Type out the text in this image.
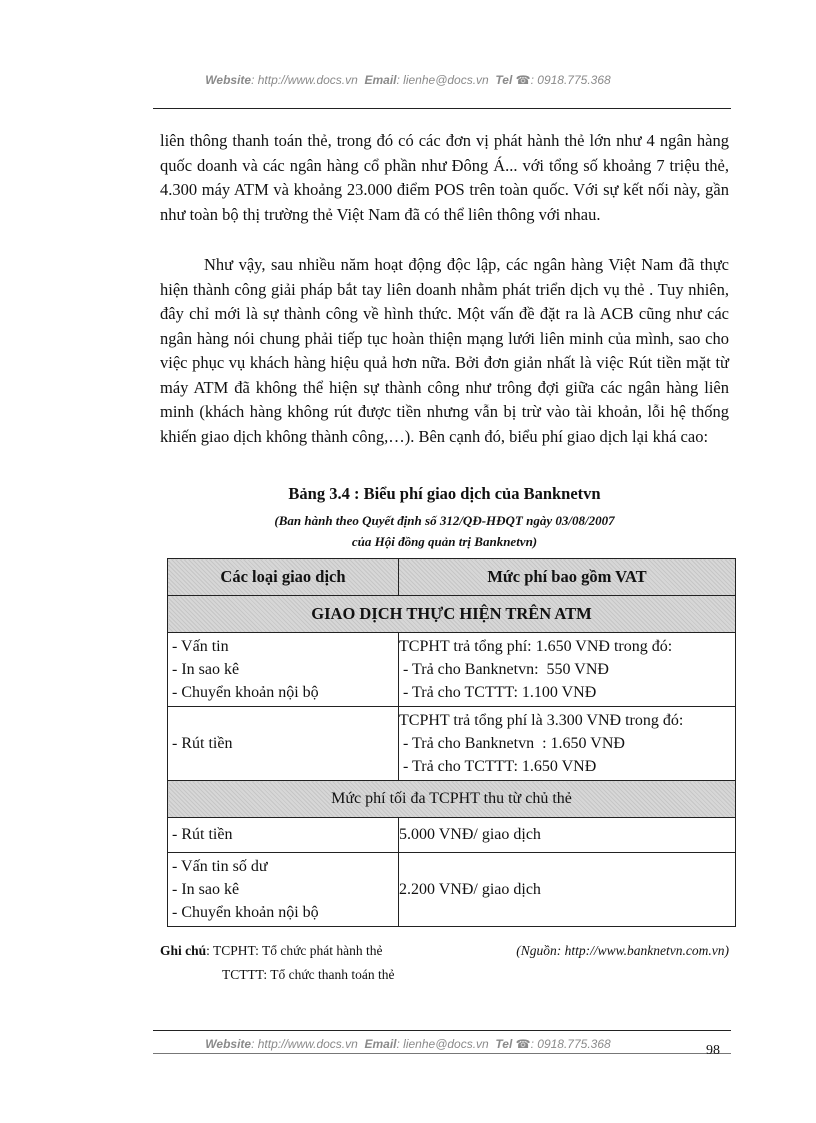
Website: http://www.docs.vn Email: lienhe@docs.vn Tel ☎: 0918.775.368

liên thông thanh toán thẻ, trong đó có các đơn vị phát hành thẻ lớn như 4 ngân hàng quốc doanh và các ngân hàng cổ phần như Đông Á... với tổng số khoảng 7 triệu thẻ, 4.300 máy ATM và khoảng 23.000 điểm POS trên toàn quốc. Với sự kết nối này, gần như toàn bộ thị trường thẻ Việt Nam đã có thể liên thông với nhau.

Như vậy, sau nhiều năm hoạt động độc lập, các ngân hàng Việt Nam đã thực hiện thành công giải pháp bắt tay liên doanh nhằm phát triển dịch vụ thẻ . Tuy nhiên, đây chỉ mới là sự thành công về hình thức. Một vấn đề đặt ra là ACB cũng như các ngân hàng nói chung phải tiếp tục hoàn thiện mạng lưới liên minh của mình, sao cho việc phục vụ khách hàng hiệu quả hơn nữa. Bởi đơn giản nhất là việc Rút tiền mặt từ máy ATM đã không thể hiện sự thành công như trông đợi giữa các ngân hàng liên minh (khách hàng không rút được tiền nhưng vẫn bị trừ vào tài khoản, lỗi hệ thống khiến giao dịch không thành công,…). Bên cạnh đó, biểu phí giao dịch lại khá cao:

Bảng 3.4 : Biểu phí giao dịch của Banknetvn
(Ban hành theo Quyết định số 312/QĐ-HĐQT ngày 03/08/2007
của Hội đồng quản trị Banknetvn)
Các loại giao dịch	Mức phí bao gồm VAT
GIAO DỊCH THỰC HIỆN TRÊN ATM	

- Vấn tin
- In sao kê
- Chuyển khoản nội bộ	TCPHT trả tổng phí: 1.650 VNĐ trong đó:
- Trả cho Banknetvn:  550 VNĐ
- Trả cho TCTTT: 1.100 VNĐ

- Rút tiền	TCPHT trả tổng phí là 3.300 VNĐ trong đó:
- Trả cho Banknetvn  : 1.650 VNĐ
- Trả cho TCTTT: 1.650 VNĐ

Mức phí tối đa TCPHT thu từ chủ thẻ	
- Rút tiền	5.000 VNĐ/ giao dịch

- Vấn tin số dư
- In sao kê
- Chuyển khoản nội bộ	2.200 VNĐ/ giao dịch
Ghi chú: TCPHT: Tổ chức phát hành thẻ
TCTTT: Tổ chức thanh toán thẻ
(Nguồn: http://www.banknetvn.com.vn)
Website: http://www.docs.vn Email: lienhe@docs.vn Tel ☎: 0918.775.368	98
